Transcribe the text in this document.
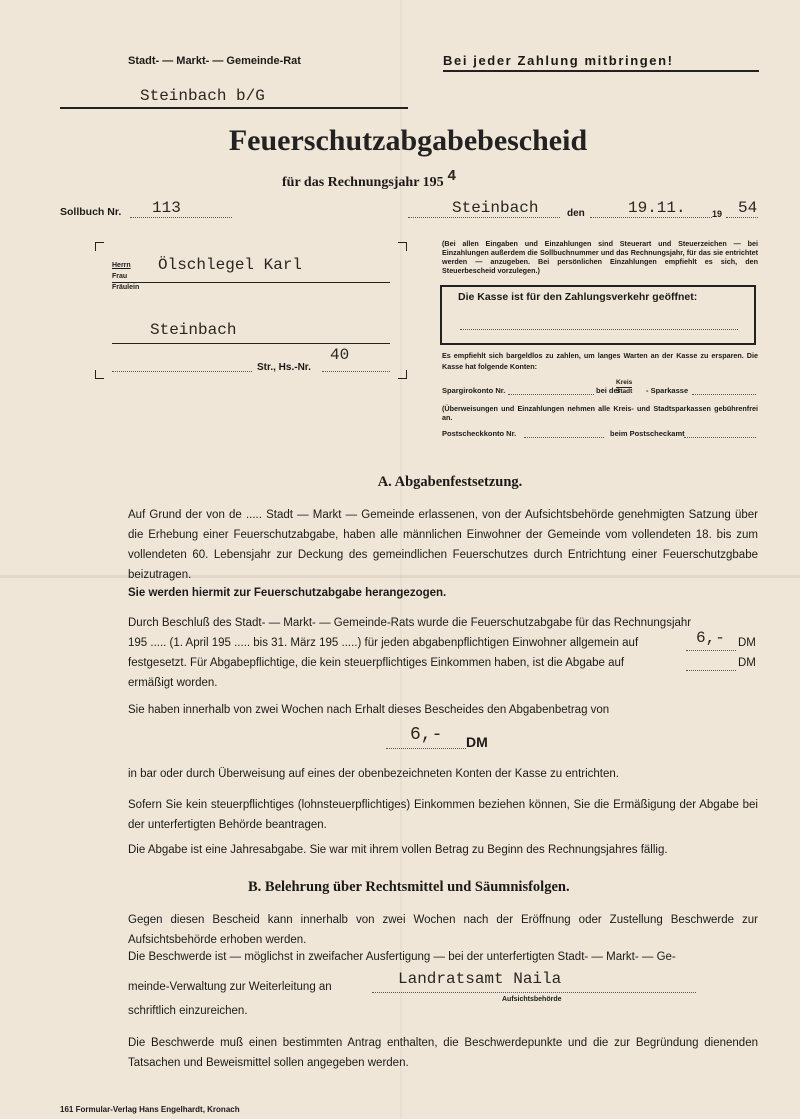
Stadt- — Markt- — Gemeinde-Rat	Bei jeder Zahlung mitbringen!
Steinbach b/G
Feuerschutzabgabebescheid
für das Rechnungsjahr 195 4
Sollbuch Nr. 113	Steinbach	den	19.11.	19 54
Herrn
Frau
Fräulein
Ölschlegel Karl
Steinbach
40
Str., Hs.-Nr.
(Bei allen Eingaben und Einzahlungen sind Steuerart und Steuerzeichen — bei Einzahlungen außerdem die Sollbuchnummer und das Rechnungsjahr, für das sie entrichtet werden — anzugeben. Bei persönlichen Einzahlungen empfiehlt es sich, den Steuerbescheid vorzulegen.)
Die Kasse ist für den Zahlungsverkehr geöffnet:
Es empfiehlt sich bargeldlos zu zahlen, um langes Warten an der Kasse zu ersparen. Die Kasse hat folgende Konten:
Spargirokonto Nr.	bei der
Kreis
Stadt - Sparkasse
(Überweisungen und Einzahlungen nehmen alle Kreis- und Stadtsparkassen gebührenfrei an.
Postscheckkonto Nr.	beim Postscheckamt
A. Abgabenfestsetzung.
Auf Grund der von de ..... Stadt — Markt — Gemeinde erlassenen, von der Aufsichtsbehörde genehmigten Satzung über die Erhebung einer Feuerschutzabgabe, haben alle männlichen Einwohner der Gemeinde vom vollendeten 18. bis zum vollendeten 60. Lebensjahr zur Deckung des gemeindlichen Feuerschutzes durch Entrichtung einer Feuerschutzgbabe beizutragen.
Sie werden hiermit zur Feuerschutzabgabe herangezogen.
Durch Beschluß des Stadt- — Markt- — Gemeinde-Rats wurde die Feuerschutzabgabe für das Rechnungsjahr
195 ..... (1. April 195 ..... bis 31. März 195 .....) für jeden abgabenpflichtigen Einwohner allgemein auf	6,- DM
festgesetzt. Für Abgabepflichtige, die kein steuerpflichtiges Einkommen haben, ist die Abgabe auf	DM
ermäßigt worden.
Sie haben innerhalb von zwei Wochen nach Erhalt dieses Bescheides den Abgabenbetrag von
6,- DM
in bar oder durch Überweisung auf eines der obenbezeichneten Konten der Kasse zu entrichten.
Sofern Sie kein steuerpflichtiges (lohnsteuerpflichtiges) Einkommen beziehen können, Sie die Ermäßigung der Abgabe bei der unterfertigten Behörde beantragen.
Die Abgabe ist eine Jahresabgabe. Sie war mit ihrem vollen Betrag zu Beginn des Rechnungsjahres fällig.
B. Belehrung über Rechtsmittel und Säumnisfolgen.
Gegen diesen Bescheid kann innerhalb von zwei Wochen nach der Eröffnung oder Zustellung Beschwerde zur Aufsichtsbehörde erhoben werden.
Die Beschwerde ist — möglichst in zweifacher Ausfertigung — bei der unterfertigten Stadt- — Markt- — Ge-
meinde-Verwaltung zur Weiterleitung an	Landratsamt Naila
Aufsichtsbehörde
schriftlich einzureichen.
Die Beschwerde muß einen bestimmten Antrag enthalten, die Beschwerdepunkte und die zur Begründung dienenden Tatsachen und Beweismittel sollen angegeben werden.
161 Formular-Verlag Hans Engelhardt, Kronach
